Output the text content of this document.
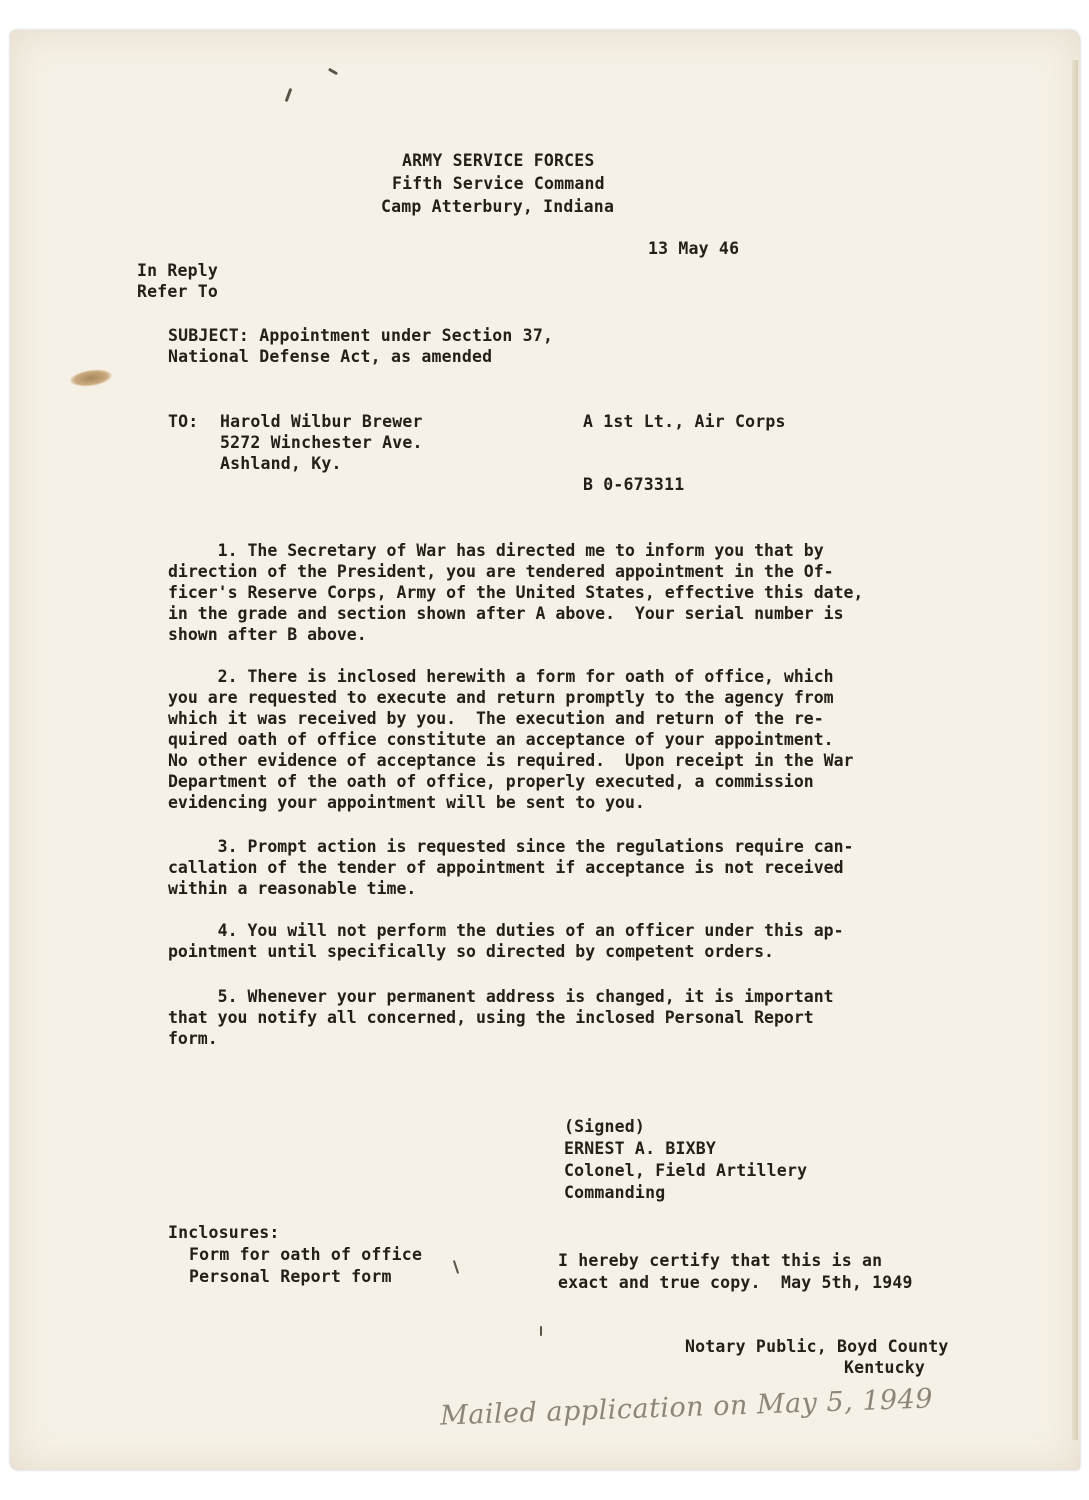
ARMY SERVICE FORCES

Fifth Service Command

Camp Atterbury, Indiana

13 May 46

In Reply

Refer To

SUBJECT: Appointment under Section 37,

National Defense Act, as amended

TO: Harold Wilbur Brewer

5272 Winchester Ave.

Ashland, Ky.

A 1st Lt., Air Corps

B 0-673311

1. The Secretary of War has directed me to inform you that by
direction of the President, you are tendered appointment in the Of-
ficer's Reserve Corps, Army of the United States, effective this date,
in the grade and section shown after A above.  Your serial number is
shown after B above.
2. There is inclosed herewith a form for oath of office, which
you are requested to execute and return promptly to the agency from
which it was received by you.  The execution and return of the re-
quired oath of office constitute an acceptance of your appointment.
No other evidence of acceptance is required.  Upon receipt in the War
Department of the oath of office, properly executed, a commission
evidencing your appointment will be sent to you.
3. Prompt action is requested since the regulations require can-
callation of the tender of appointment if acceptance is not received
within a reasonable time.
4. You will not perform the duties of an officer under this ap-
pointment until specifically so directed by competent orders.
5. Whenever your permanent address is changed, it is important
that you notify all concerned, using the inclosed Personal Report
form.

(Signed)

ERNEST A. BIXBY

Colonel, Field Artillery

Commanding

Inclosures:

Form for oath of office

Personal Report form

I hereby certify that this is an

exact and true copy.  May 5th, 1949

Notary Public, Boyd County

Kentucky

Mailed application on May 5, 1949
